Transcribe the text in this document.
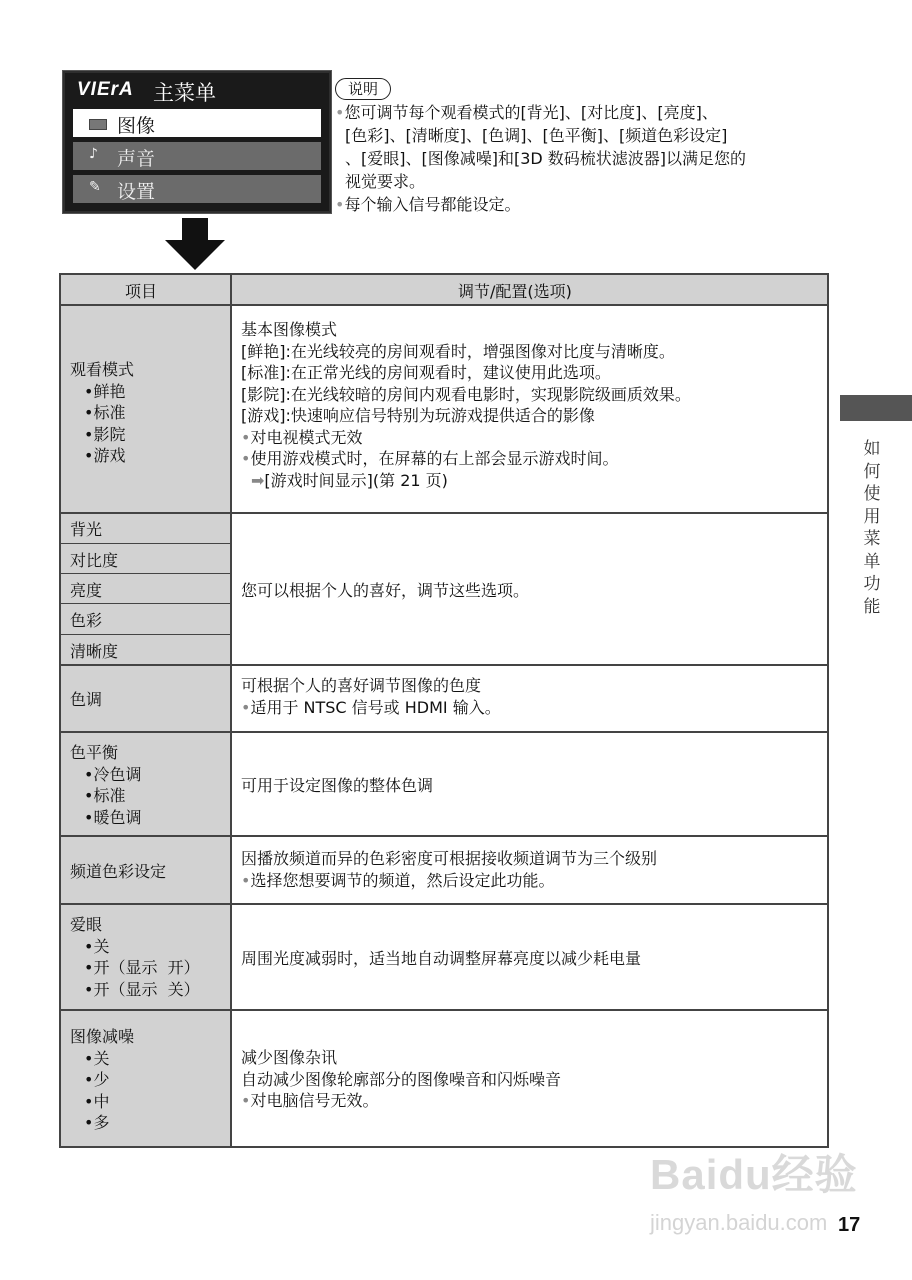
VIErA 主菜单
图像
♪ 声音
✎ 设置
说明
•您可调节每个观看模式的[背光]、[对比度]、[亮度]、
[色彩]、[清晰度]、[色调]、[色平衡]、[频道色彩设定]
、[爱眼]、[图像减噪]和[3D 数码梳状滤波器]以满足您的
视觉要求。
•每个输入信号都能设定。
项目	调节/配置(选项)
观看模式
•鲜艳
•标准
•影院
•游戏
基本图像模式
[鲜艳]:在光线较亮的房间观看时，增强图像对比度与清晰度。
[标准]:在正常光线的房间观看时，建议使用此选项。
[影院]:在光线较暗的房间内观看电影时，实现影院级画质效果。
[游戏]:快速响应信号特别为玩游戏提供适合的影像
•对电视模式无效
•使用游戏模式时，在屏幕的右上部会显示游戏时间。
➡[游戏时间显示](第 21 页)
背光
对比度
亮度
色彩
清晰度
您可以根据个人的喜好，调节这些选项。
色调
可根据个人的喜好调节图像的色度
•适用于 NTSC 信号或 HDMI 输入。
色平衡
•冷色调
•标准
•暖色调
可用于设定图像的整体色调
频道色彩设定
因播放频道而异的色彩密度可根据接收频道调节为三个级别
•选择您想要调节的频道，然后设定此功能。
爱眼
•关
•开（显示  开）
•开（显示  关）
周围光度减弱时，适当地自动调整屏幕亮度以减少耗电量
图像减噪
•关
•少
•中
•多
减少图像杂讯
自动减少图像轮廓部分的图像噪音和闪烁噪音
•对电脑信号无效。
如何使用菜单功能
Baidu经验
jingyan.baidu.com 17
